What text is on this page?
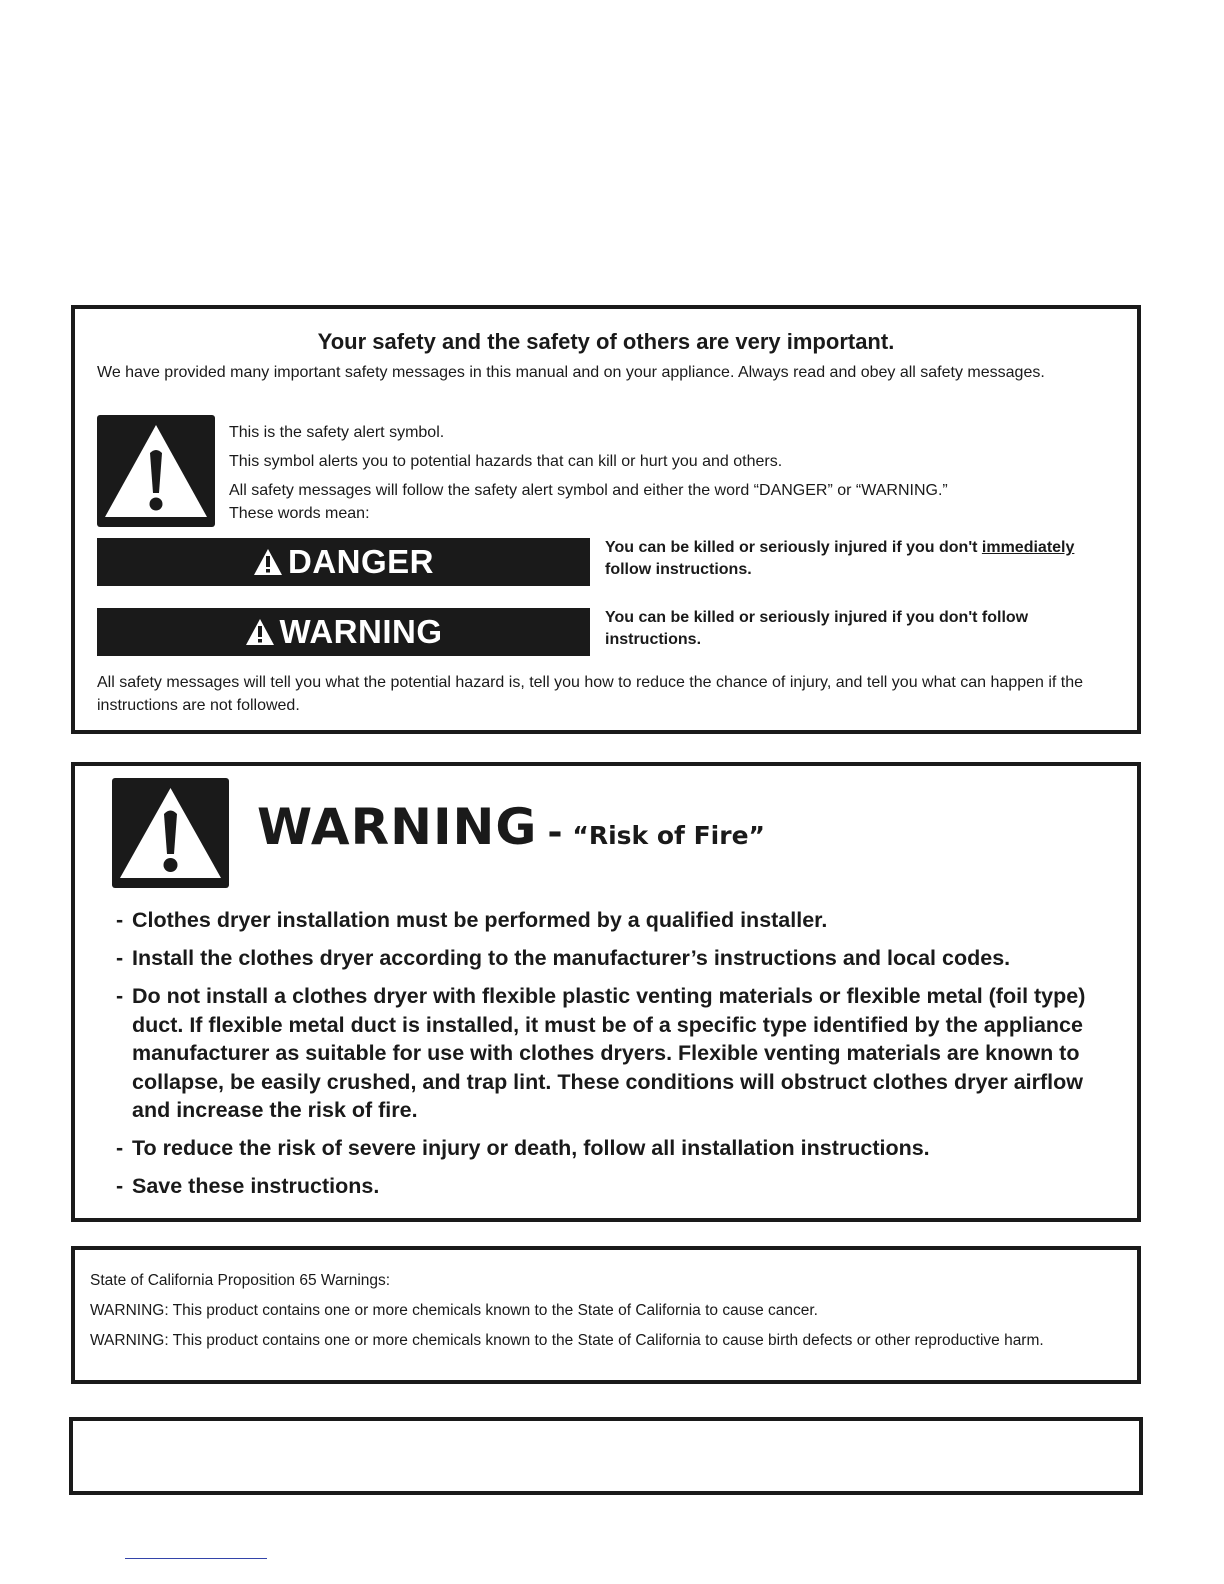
Your safety and the safety of others are very important.
We have provided many important safety messages in this manual and on your appliance. Always read and obey all safety messages.

This is the safety alert symbol.

This symbol alerts you to potential hazards that can kill or hurt you and others.

All safety messages will follow the safety alert symbol and either the word “DANGER” or “WARNING.”

These words mean:

DANGER	You can be killed or seriously injured if you don't immediately follow instructions.
WARNING	You can be killed or seriously injured if you don't follow instructions.
All safety messages will tell you what the potential hazard is, tell you how to reduce the chance of injury, and tell you what can happen if the instructions are not followed.
WARNING - “Risk of Fire”
- Clothes dryer installation must be performed by a qualified installer.
- Install the clothes dryer according to the manufacturer’s instructions and local codes.
- Do not install a clothes dryer with flexible plastic venting materials or flexible metal (foil type) duct. If flexible metal duct is installed, it must be of a specific type identified by the appliance manufacturer as suitable for use with clothes dryers. Flexible venting materials are known to collapse, be easily crushed, and trap lint. These conditions will obstruct clothes dryer airflow and increase the risk of fire.
- To reduce the risk of severe injury or death, follow all installation instructions.
- Save these instructions.

State of California Proposition 65 Warnings:

WARNING: This product contains one or more chemicals known to the State of California to cause cancer.

WARNING: This product contains one or more chemicals known to the State of California to cause birth defects or other reproductive harm.
